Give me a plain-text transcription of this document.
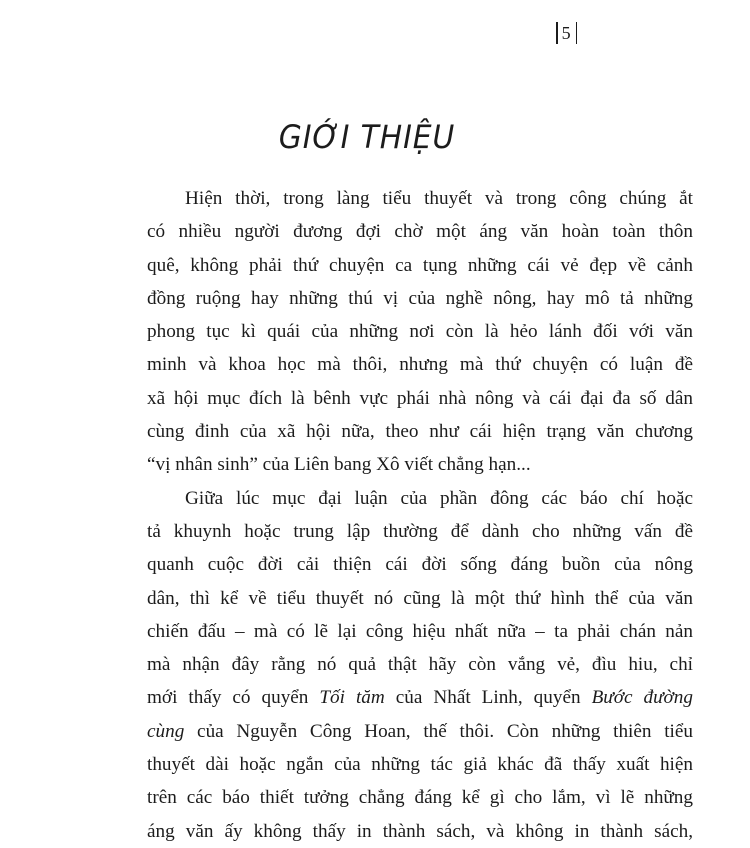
5
GIỚI THIỆU
Hiện thời, trong làng tiểu thuyết và trong công chúng ắt
có nhiều người đương đợi chờ một áng văn hoàn toàn thôn
quê, không phải thứ chuyện ca tụng những cái vẻ đẹp về cảnh
đồng ruộng hay những thú vị của nghề nông, hay mô tả những
phong tục kì quái của những nơi còn là hẻo lánh đối với văn
minh và khoa học mà thôi, nhưng mà thứ chuyện có luận đề
xã hội mục đích là bênh vực phái nhà nông và cái đại đa số dân
cùng đinh của xã hội nữa, theo như cái hiện trạng văn chương
“vị nhân sinh” của Liên bang Xô viết chẳng hạn...
Giữa lúc mục đại luận của phần đông các báo chí hoặc
tả khuynh hoặc trung lập thường để dành cho những vấn đề
quanh cuộc đời cải thiện cái đời sống đáng buồn của nông
dân, thì kể về tiểu thuyết nó cũng là một thứ hình thể của văn
chiến đấu – mà có lẽ lại công hiệu nhất nữa – ta phải chán nản
mà nhận đây rằng nó quả thật hãy còn vắng vẻ, đìu hiu, chỉ
mới thấy có quyển Tối tăm của Nhất Linh, quyển Bước đường
cùng của Nguyễn Công Hoan, thế thôi. Còn những thiên tiểu
thuyết dài hoặc ngắn của những tác giả khác đã thấy xuất hiện
trên các báo thiết tưởng chẳng đáng kể gì cho lắm, vì lẽ những
áng văn ấy không thấy in thành sách, và không in thành sách,
